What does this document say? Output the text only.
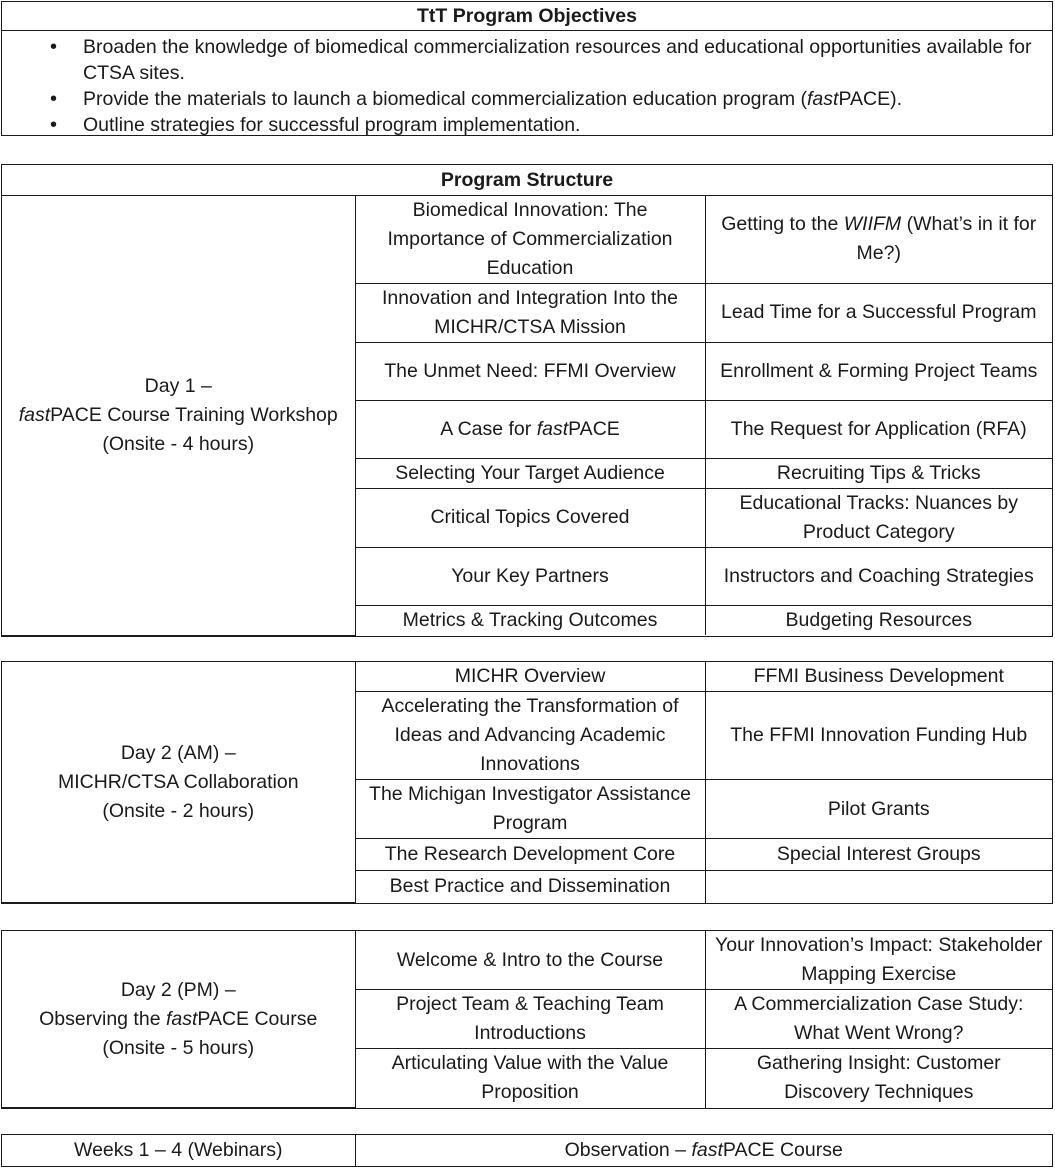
TtT Program Objectives
• Broaden the knowledge of biomedical commercialization resources and educational opportunities available for CTSA sites.
• Provide the materials to launch a biomedical commercialization education program (fastPACE).
• Outline strategies for successful program implementation.
Program Structure		
Day 1 –
fastPACE Course Training Workshop
(Onsite - 4 hours)	Biomedical Innovation: The Importance of Commercialization Education	Getting to the WIIFM (What’s in it for Me?)
	Innovation and Integration Into the MICHR/CTSA Mission	Lead Time for a Successful Program
	The Unmet Need: FFMI Overview	Enrollment & Forming Project Teams
	A Case for fastPACE	The Request for Application (RFA)
	Selecting Your Target Audience	Recruiting Tips & Tricks
	Critical Topics Covered	Educational Tracks: Nuances by Product Category
	Your Key Partners	Instructors and Coaching Strategies
	Metrics & Tracking Outcomes	Budgeting Resources
Day 2 (AM) –
MICHR/CTSA Collaboration
(Onsite - 2 hours)	MICHR Overview	FFMI Business Development
	Accelerating the Transformation of Ideas and Advancing Academic Innovations	The FFMI Innovation Funding Hub
	The Michigan Investigator Assistance Program	Pilot Grants
	The Research Development Core	Special Interest Groups
	Best Practice and Dissemination	
Day 2 (PM) –
Observing the fastPACE Course
(Onsite - 5 hours)	Welcome & Intro to the Course	Your Innovation’s Impact: Stakeholder Mapping Exercise
	Project Team & Teaching Team Introductions	A Commercialization Case Study: What Went Wrong?
	Articulating Value with the Value Proposition	Gathering Insight: Customer Discovery Techniques
Weeks 1 – 4 (Webinars)	Observation – fastPACE Course
